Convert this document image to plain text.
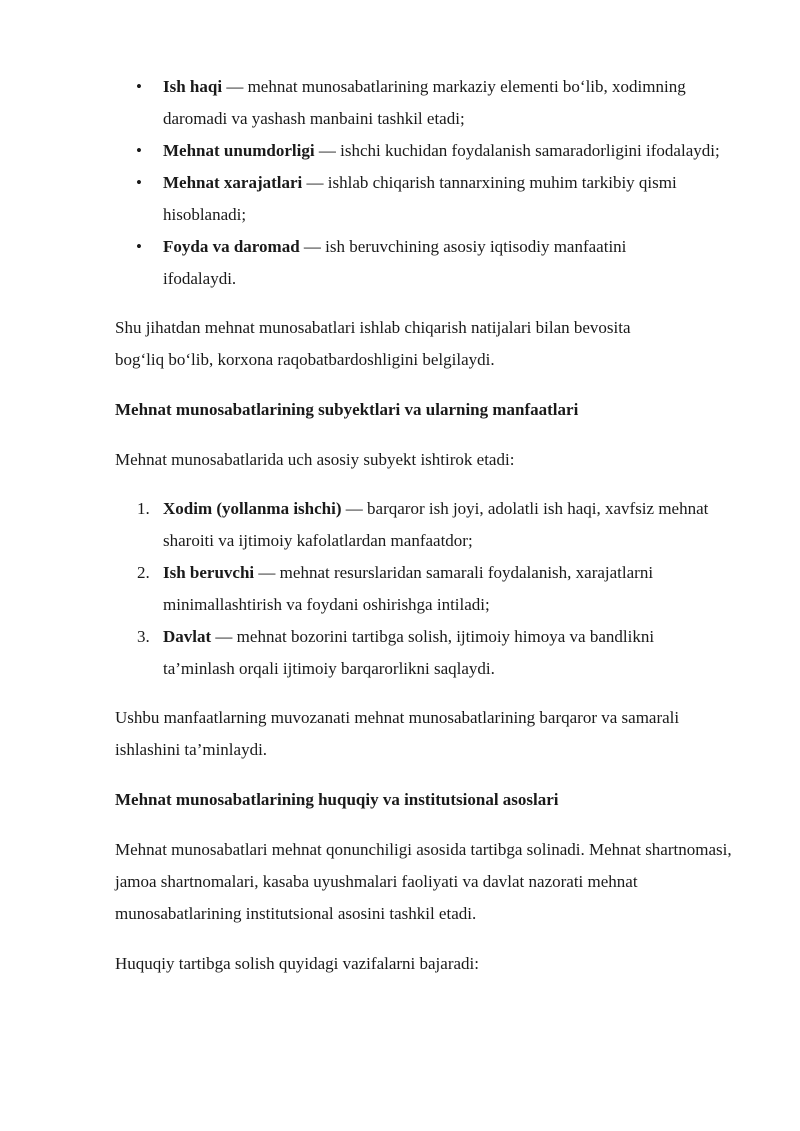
• Ish haqi — mehnat munosabatlarining markaziy elementi bo‘lib, xodimning daromadi va yashash manbaini tashkil etadi;
• Mehnat unumdorligi — ishchi kuchidan foydalanish samaradorligini ifodalaydi;
• Mehnat xarajatlari — ishlab chiqarish tannarxining muhim tarkibiy qismi hisoblanadi;
• Foyda va daromad — ish beruvchining asosiy iqtisodiy manfaatini ifodalaydi.

Shu jihatdan mehnat munosabatlari ishlab chiqarish natijalari bilan bevosita
bog‘liq bo‘lib, korxona raqobatbardoshligini belgilaydi.

Mehnat munosabatlarining subyektlari va ularning manfaatlari

Mehnat munosabatlarida uch asosiy subyekt ishtirok etadi:

1. Xodim (yollanma ishchi) — barqaror ish joyi, adolatli ish haqi, xavfsiz mehnat sharoiti va ijtimoiy kafolatlardan manfaatdor;
2. Ish beruvchi — mehnat resurslaridan samarali foydalanish, xarajatlarni minimallashtirish va foydani oshirishga intiladi;
3. Davlat — mehnat bozorini tartibga solish, ijtimoiy himoya va bandlikni ta’minlash orqali ijtimoiy barqarorlikni saqlaydi.

Ushbu manfaatlarning muvozanati mehnat munosabatlarining barqaror va samarali ishlashini ta’minlaydi.

Mehnat munosabatlarining huquqiy va institutsional asoslari

Mehnat munosabatlari mehnat qonunchiligi asosida tartibga solinadi. Mehnat shartnomasi, jamoa shartnomalari, kasaba uyushmalari faoliyati va davlat nazorati mehnat munosabatlarining institutsional asosini tashkil etadi.

Huquqiy tartibga solish quyidagi vazifalarni bajaradi:
